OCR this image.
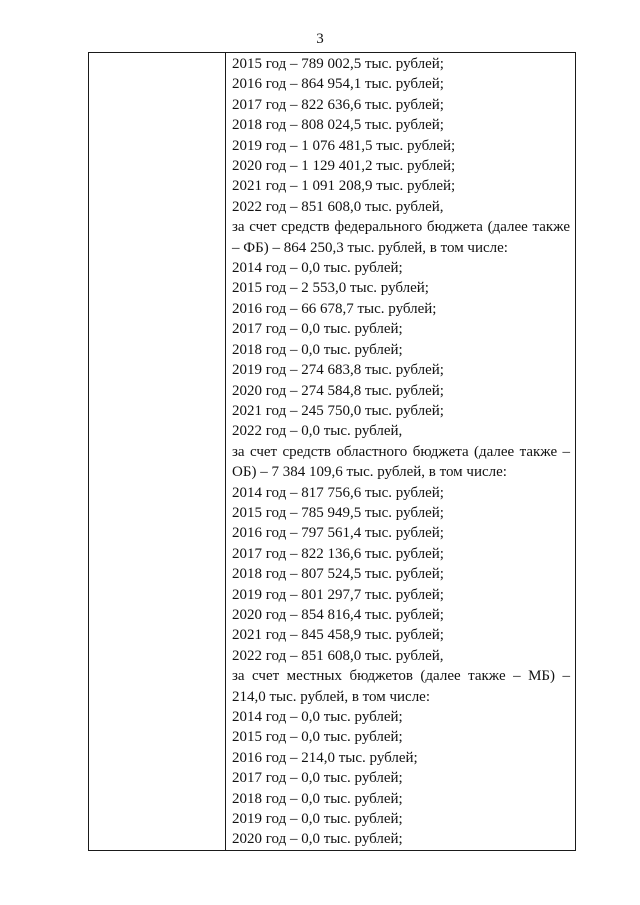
3

2015 год – 789 002,5 тыс. рублей;
2016 год – 864 954,1 тыс. рублей;
2017 год – 822 636,6 тыс. рублей;
2018 год – 808 024,5 тыс. рублей;
2019 год – 1 076 481,5 тыс. рублей;
2020 год – 1 129 401,2 тыс. рублей;
2021 год – 1 091 208,9 тыс. рублей;
2022 год – 851 608,0 тыс. рублей,
за счет средств федерального бюджета (далее также
– ФБ) – 864 250,3 тыс. рублей, в том числе:
2014 год – 0,0 тыс. рублей;
2015 год – 2 553,0 тыс. рублей;
2016 год – 66 678,7 тыс. рублей;
2017 год – 0,0 тыс. рублей;
2018 год – 0,0 тыс. рублей;
2019 год – 274 683,8 тыс. рублей;
2020 год – 274 584,8 тыс. рублей;
2021 год – 245 750,0 тыс. рублей;
2022 год – 0,0 тыс. рублей,
за счет средств областного бюджета (далее также –
ОБ) – 7 384 109,6 тыс. рублей, в том числе:
2014 год – 817 756,6 тыс. рублей;
2015 год – 785 949,5 тыс. рублей;
2016 год – 797 561,4 тыс. рублей;
2017 год – 822 136,6 тыс. рублей;
2018 год – 807 524,5 тыс. рублей;
2019 год – 801 297,7 тыс. рублей;
2020 год – 854 816,4 тыс. рублей;
2021 год – 845 458,9 тыс. рублей;
2022 год – 851 608,0 тыс. рублей,
за счет местных бюджетов (далее также – МБ) –
214,0 тыс. рублей, в том числе:
2014 год – 0,0 тыс. рублей;
2015 год – 0,0 тыс. рублей;
2016 год – 214,0 тыс. рублей;
2017 год – 0,0 тыс. рублей;
2018 год – 0,0 тыс. рублей;
2019 год – 0,0 тыс. рублей;
2020 год – 0,0 тыс. рублей;
